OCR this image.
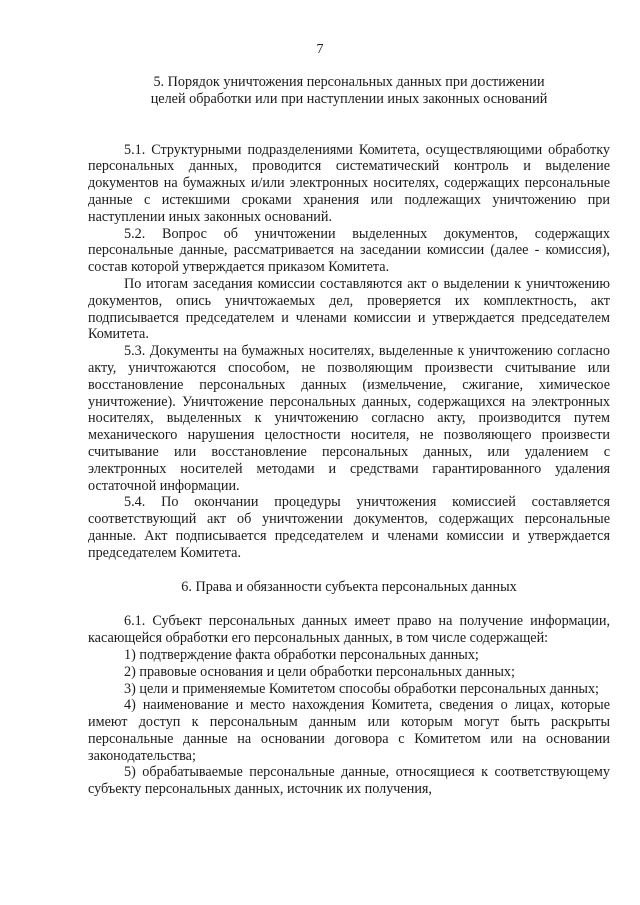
7
5. Порядок уничтожения персональных данных при достижении
целей обработки или при наступлении иных законных оснований

5.1. Структурными подразделениями Комитета, осуществляющими обработку персональных данных, проводится систематический контроль и выделение документов на бумажных и/или электронных носителях, содержащих персональные данные с истекшими сроками хранения или подлежащих уничтожению при наступлении иных законных оснований.

5.2. Вопрос об уничтожении выделенных документов, содержащих персональные данные, рассматривается на заседании комиссии (далее - комиссия), состав которой утверждается приказом Комитета.

По итогам заседания комиссии составляются акт о выделении к уничтожению документов, опись уничтожаемых дел, проверяется их комплектность, акт подписывается председателем и членами комиссии и утверждается председателем Комитета.

5.3. Документы на бумажных носителях, выделенные к уничтожению согласно акту, уничтожаются способом, не позволяющим произвести считывание или восстановление персональных данных (измельчение, сжигание, химическое уничтожение). Уничтожение персональных данных, содержащихся на электронных носителях, выделенных к уничтожению согласно акту, производится путем механического нарушения целостности носителя, не позволяющего произвести считывание или восстановление персональных данных, или удалением с электронных носителей методами и средствами гарантированного удаления остаточной информации.

5.4. По окончании процедуры уничтожения комиссией составляется соответствующий акт об уничтожении документов, содержащих персональные данные. Акт подписывается председателем и членами комиссии и утверждается председателем Комитета.

6. Права и обязанности субъекта персональных данных

6.1. Субъект персональных данных имеет право на получение информации, касающейся обработки его персональных данных, в том числе содержащей:

1) подтверждение факта обработки персональных данных;

2) правовые основания и цели обработки персональных данных;

3) цели и применяемые Комитетом способы обработки персональных данных;

4) наименование и место нахождения Комитета, сведения о лицах, которые имеют доступ к персональным данным или которым могут быть раскрыты персональные данные на основании договора с Комитетом или на основании законодательства;

5) обрабатываемые персональные данные, относящиеся к соответствующему субъекту персональных данных, источник их получения,
